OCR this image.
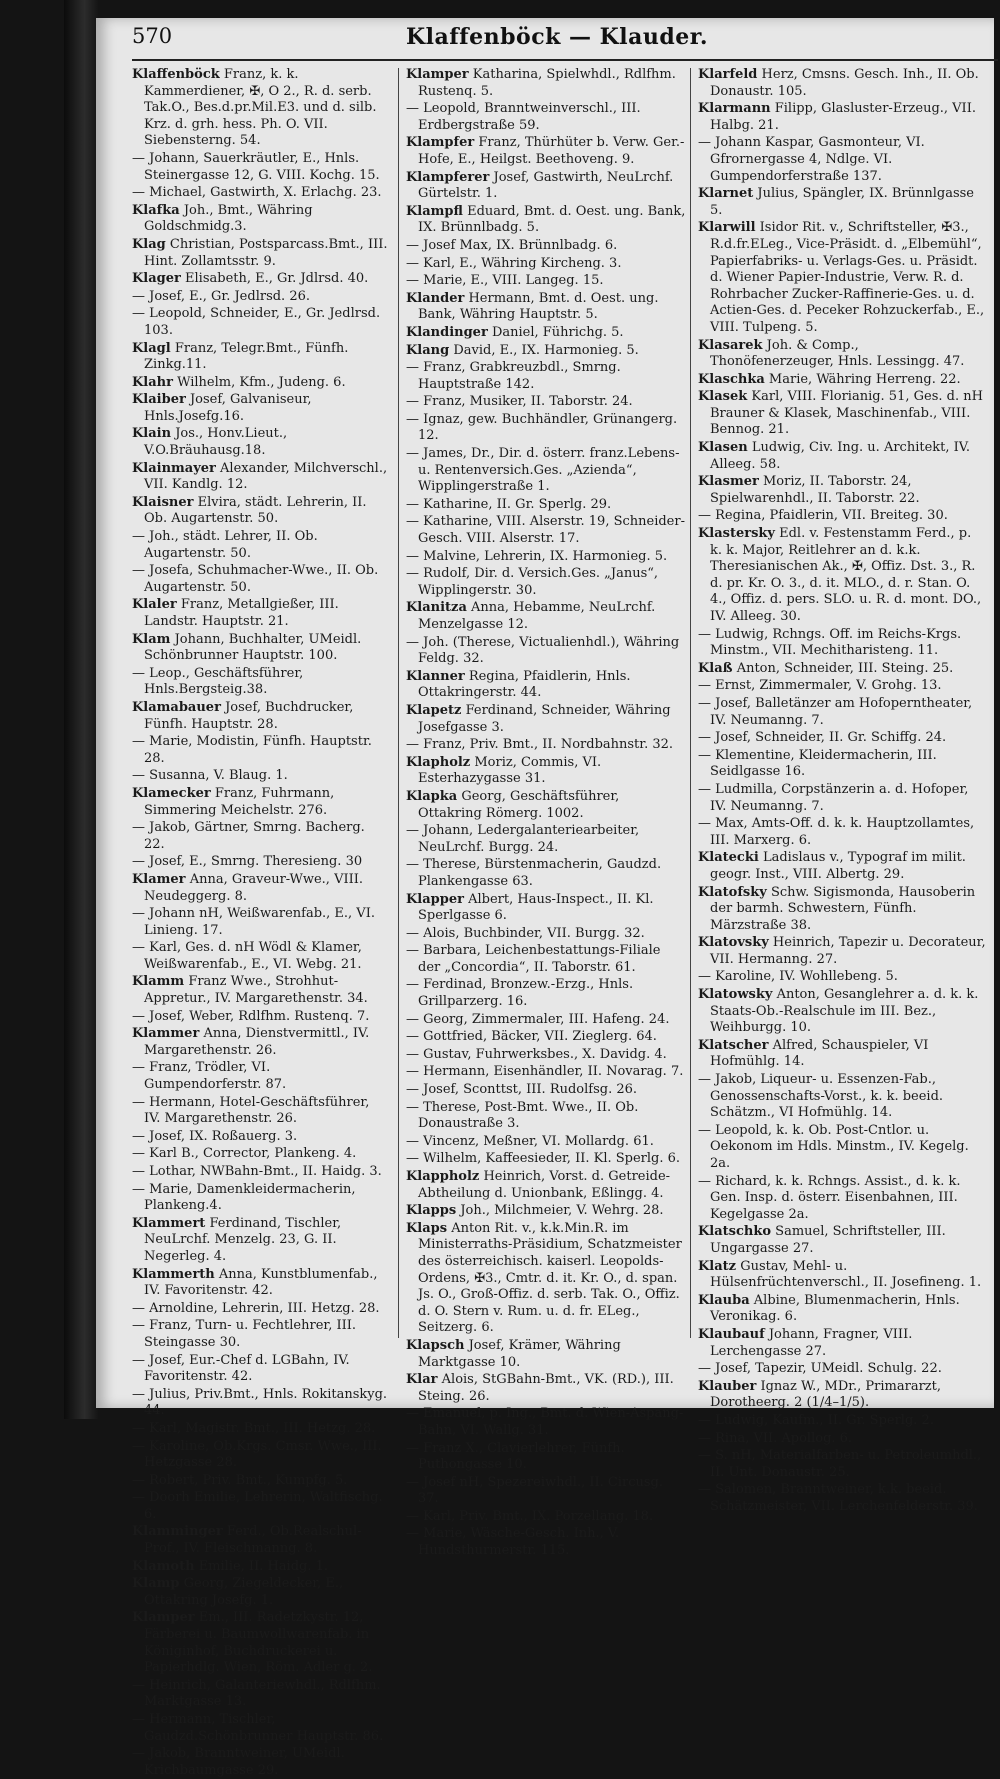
570	Klaffenböck — Klauder.

Klaffenböck Franz, k. k. Kammerdiener, ✠, O 2., R. d. serb. Tak.O., Bes.d.pr.Mil.E3. und d. silb. Krz. d. grh. hess. Ph. O. VII. Siebensterng. 54.

— Johann, Sauerkräutler, E., Hnls. Steinergasse 12, G. VIII. Kochg. 15.

— Michael, Gastwirth, X. Erlachg. 23.

Klafka Joh., Bmt., Währing Goldschmidg.3.

Klag Christian, Postsparcass.Bmt., III. Hint. Zollamtsstr. 9.

Klager Elisabeth, E., Gr. Jdlrsd. 40.

— Josef, E., Gr. Jedlrsd. 26.

— Leopold, Schneider, E., Gr. Jedlrsd. 103.

Klagl Franz, Telegr.Bmt., Fünfh. Zinkg.11.

Klahr Wilhelm, Kfm., Judeng. 6.

Klaiber Josef, Galvaniseur, Hnls.Josefg.16.

Klain Jos., Honv.Lieut., V.O.Bräuhausg.18.

Klainmayer Alexander, Milchverschl., VII. Kandlg. 12.

Klaisner Elvira, städt. Lehrerin, II. Ob. Augartenstr. 50.

— Joh., städt. Lehrer, II. Ob. Augartenstr. 50.

— Josefa, Schuhmacher-Wwe., II. Ob. Augartenstr. 50.

Klaler Franz, Metallgießer, III. Landstr. Hauptstr. 21.

Klam Johann, Buchhalter, UMeidl. Schönbrunner Hauptstr. 100.

— Leop., Geschäftsführer, Hnls.Bergsteig.38.

Klamabauer Josef, Buchdrucker, Fünfh. Hauptstr. 28.

— Marie, Modistin, Fünfh. Hauptstr. 28.

— Susanna, V. Blaug. 1.

Klamecker Franz, Fuhrmann, Simmering Meichelstr. 276.

— Jakob, Gärtner, Smrng. Bacherg. 22.

— Josef, E., Smrng. Theresieng. 30

Klamer Anna, Graveur-Wwe., VIII. Neudeggerg. 8.

— Johann nH, Weißwarenfab., E., VI. Linieng. 17.

— Karl, Ges. d. nH Wödl & Klamer, Weißwarenfab., E., VI. Webg. 21.

Klamm Franz Wwe., Strohhut-Appretur., IV. Margarethenstr. 34.

— Josef, Weber, Rdlfhm. Rustenq. 7.

Klammer Anna, Dienstvermittl., IV. Margarethenstr. 26.

— Franz, Trödler, VI. Gumpendorferstr. 87.

— Hermann, Hotel-Geschäftsführer, IV. Margarethenstr. 26.

— Josef, IX. Roßauerg. 3.

— Karl B., Corrector, Plankeng. 4.

— Lothar, NWBahn-Bmt., II. Haidg. 3.

— Marie, Damenkleidermacherin, Plankeng.4.

Klammert Ferdinand, Tischler, NeuLrchf. Menzelg. 23, G. II. Negerleg. 4.

Klammerth Anna, Kunstblumenfab., IV. Favoritenstr. 42.

— Arnoldine, Lehrerin, III. Hetzg. 28.

— Franz, Turn- u. Fechtlehrer, III. Steingasse 30.

— Josef, Eur.-Chef d. LGBahn, IV. Favoritenstr. 42.

— Julius, Priv.Bmt., Hnls. Rokitanskyg. 44.

— Karl, Magistr. Bmt., III. Hetzg. 28.

— Karoline, Ob.Krgs. Cmsr. Wwe., III. Hetzgasse 28.

— Robert, Priv. Bmt., Kumpfg. 5.

— Doorh Emilie, Lehrerin, Waltfischg. 6.

Klamminger Ferd., Ob.Realschul-Prof., IV. Fleischmanng. 8.

Klamoth Emilie, II. Haidg. 1.

Klamp Georg, Ziegeldecker, E., Ottakring Josefg. 1.

Klamper Em., III. Radetzkystr. 12, Färberei u. Baumwollwarenfab. in Königinhof, Buchdruckerei u. Papierhdlg. Wien, Röm. Adler g. 2.

— Heinrich, Galanteriewhdl., Rdlfhm. Marktgasse 13.

— Hermann, Tischler, Gaudzd.Schönbrunner Hauptstr. 86.

— Jakob, Branntweiner, UMeidl. Krichbaumgasse 29.

Klamper Katharina, Spielwhdl., Rdlfhm. Rustenq. 5.

— Leopold, Branntweinverschl., III. Erdbergstraße 59.

Klampfer Franz, Thürhüter b. Verw. Ger.-Hofe, E., Heilgst. Beethoveng. 9.

Klampferer Josef, Gastwirth, NeuLrchf. Gürtelstr. 1.

Klampfl Eduard, Bmt. d. Oest. ung. Bank, IX. Brünnlbadg. 5.

— Josef Max, IX. Brünnlbadg. 6.

— Karl, E., Währing Kircheng. 3.

— Marie, E., VIII. Langeg. 15.

Klander Hermann, Bmt. d. Oest. ung. Bank, Währing Hauptstr. 5.

Klandinger Daniel, Führichg. 5.

Klang David, E., IX. Harmonieg. 5.

— Franz, Grabkreuzbdl., Smrng. Hauptstraße 142.

— Franz, Musiker, II. Taborstr. 24.

— Ignaz, gew. Buchhändler, Grünangerg. 12.

— James, Dr., Dir. d. österr. franz.Lebens- u. Rentenversich.Ges. „Azienda“, Wipplingerstraße 1.

— Katharine, II. Gr. Sperlg. 29.

— Katharine, VIII. Alserstr. 19, Schneider-Gesch. VIII. Alserstr. 17.

— Malvine, Lehrerin, IX. Harmonieg. 5.

— Rudolf, Dir. d. Versich.Ges. „Janus“, Wipplingerstr. 30.

Klanitza Anna, Hebamme, NeuLrchf. Menzelgasse 12.

— Joh. (Therese, Victualienhdl.), Währing Feldg. 32.

Klanner Regina, Pfaidlerin, Hnls. Ottakringerstr. 44.

Klapetz Ferdinand, Schneider, Währing Josefgasse 3.

— Franz, Priv. Bmt., II. Nordbahnstr. 32.

Klapholz Moriz, Commis, VI. Esterhazygasse 31.

Klapka Georg, Geschäftsführer, Ottakring Römerg. 1002.

— Johann, Ledergalanteriearbeiter, NeuLrchf. Burgg. 24.

— Therese, Bürstenmacherin, Gaudzd. Plankengasse 63.

Klapper Albert, Haus-Inspect., II. Kl. Sperlgasse 6.

— Alois, Buchbinder, VII. Burgg. 32.

— Barbara, Leichenbestattungs-Filiale der „Concordia“, II. Taborstr. 61.

— Ferdinad, Bronzew.-Erzg., Hnls. Grillparzerg. 16.

— Georg, Zimmermaler, III. Hafeng. 24.

— Gottfried, Bäcker, VII. Zieglerg. 64.

— Gustav, Fuhrwerksbes., X. Davidg. 4.

— Hermann, Eisenhändler, II. Novarag. 7.

— Josef, Sconttst, III. Rudolfsg. 26.

— Therese, Post-Bmt. Wwe., II. Ob. Donaustraße 3.

— Vincenz, Meßner, VI. Mollardg. 61.

— Wilhelm, Kaffeesieder, II. Kl. Sperlg. 6.

Klappholz Heinrich, Vorst. d. Getreide-Abtheilung d. Unionbank, Eßlingg. 4.

Klapps Joh., Milchmeier, V. Wehrg. 28.

Klaps Anton Rit. v., k.k.Min.R. im Ministerraths-Präsidium, Schatzmeister des österreichisch. kaiserl. Leopolds-Ordens, ✠3., Cmtr. d. it. Kr. O., d. span. Js. O., Groß-Offiz. d. serb. Tak. O., Offiz. d. O. Stern v. Rum. u. d. fr. ELeg., Seitzerg. 6.

Klapsch Josef, Krämer, Währing Marktgasse 10.

Klar Alois, StGBahn-Bmt., VK. (RD.), III. Steing. 26.

— Emanuel, p. Ing., Bmt. d. Wien-Aspang-Bahn, VI. Wallg. 31.

— Franz X., Clavierlehrer, Fünfh. Puthongasse 10.

— Josef nH, Spezereiwhdl., II. Circusg. 37.

— Karl, Priv. Bmt., IX. Porzellang. 18.

— Marie, Wäsche-Gesch. Inh., V. Hundsthurmerstr. 115.

Klarfeld Herz, Cmsns. Gesch. Inh., II. Ob. Donaustr. 105.

Klarmann Filipp, Glasluster-Erzeug., VII. Halbg. 21.

— Johann Kaspar, Gasmonteur, VI. Gfrornergasse 4, Ndlge. VI. Gumpendorferstraße 137.

Klarnet Julius, Spängler, IX. Brünnlgasse 5.

Klarwill Isidor Rit. v., Schriftsteller, ✠3., R.d.fr.ELeg., Vice-Präsidt. d. „Elbemühl“, Papierfabriks- u. Verlags-Ges. u. Präsidt. d. Wiener Papier-Industrie, Verw. R. d. Rohrbacher Zucker-Raffinerie-Ges. u. d. Actien-Ges. d. Peceker Rohzuckerfab., E., VIII. Tulpeng. 5.

Klasarek Joh. & Comp., Thonöfenerzeuger, Hnls. Lessingg. 47.

Klaschka Marie, Währing Herreng. 22.

Klasek Karl, VIII. Florianig. 51, Ges. d. nH Brauner & Klasek, Maschinenfab., VIII. Bennog. 21.

Klasen Ludwig, Civ. Ing. u. Architekt, IV. Alleeg. 58.

Klasmer Moriz, II. Taborstr. 24, Spielwarenhdl., II. Taborstr. 22.

— Regina, Pfaidlerin, VII. Breiteg. 30.

Klastersky Edl. v. Festenstamm Ferd., p. k. k. Major, Reitlehrer an d. k.k. Theresianischen Ak., ✠, Offiz. Dst. 3., R. d. pr. Kr. O. 3., d. it. MLO., d. r. Stan. O. 4., Offiz. d. pers. SLO. u. R. d. mont. DO., IV. Alleeg. 30.

— Ludwig, Rchngs. Off. im Reichs-Krgs. Minstm., VII. Mechitharisteng. 11.

Klaß Anton, Schneider, III. Steing. 25.

— Ernst, Zimmermaler, V. Grohg. 13.

— Josef, Balletänzer am Hofoperntheater, IV. Neumanng. 7.

— Josef, Schneider, II. Gr. Schiffg. 24.

— Klementine, Kleidermacherin, III. Seidlgasse 16.

— Ludmilla, Corpstänzerin a. d. Hofoper, IV. Neumanng. 7.

— Max, Amts-Off. d. k. k. Hauptzollamtes, III. Marxerg. 6.

Klatecki Ladislaus v., Typograf im milit. geogr. Inst., VIII. Albertg. 29.

Klatofsky Schw. Sigismonda, Hausoberin der barmh. Schwestern, Fünfh. Märzstraße 38.

Klatovsky Heinrich, Tapezir u. Decorateur, VII. Hermanng. 27.

— Karoline, IV. Wohllebeng. 5.

Klatowsky Anton, Gesanglehrer a. d. k. k. Staats-Ob.-Realschule im III. Bez., Weihburgg. 10.

Klatscher Alfred, Schauspieler, VI Hofmühlg. 14.

— Jakob, Liqueur- u. Essenzen-Fab., Genossenschafts-Vorst., k. k. beeid. Schätzm., VI Hofmühlg. 14.

— Leopold, k. k. Ob. Post-Cntlor. u. Oekonom im Hdls. Minstm., IV. Kegelg. 2a.

— Richard, k. k. Rchngs. Assist., d. k. k. Gen. Insp. d. österr. Eisenbahnen, III. Kegelgasse 2a.

Klatschko Samuel, Schriftsteller, III. Ungargasse 27.

Klatz Gustav, Mehl- u. Hülsenfrüchtenverschl., II. Josefineng. 1.

Klauba Albine, Blumenmacherin, Hnls. Veronikag. 6.

Klaubauf Johann, Fragner, VIII. Lerchengasse 27.

— Josef, Tapezir, UMeidl. Schulg. 22.

Klauber Ignaz W., MDr., Primararzt, Dorotheerg. 2 (1/4–1/5).

— Ludwig, Kaufm., II. Gr. Sperlg. 2.

— Rina, VII. Apollog. 6.

— S. nH, Materialfarben- u. Petroleumhdl., II. Unt. Donaustr. 25.

— Salomen, Branntweiner, k.k. beeid. Schätzmeister, VII. Lerchenfelderstr. 39.
